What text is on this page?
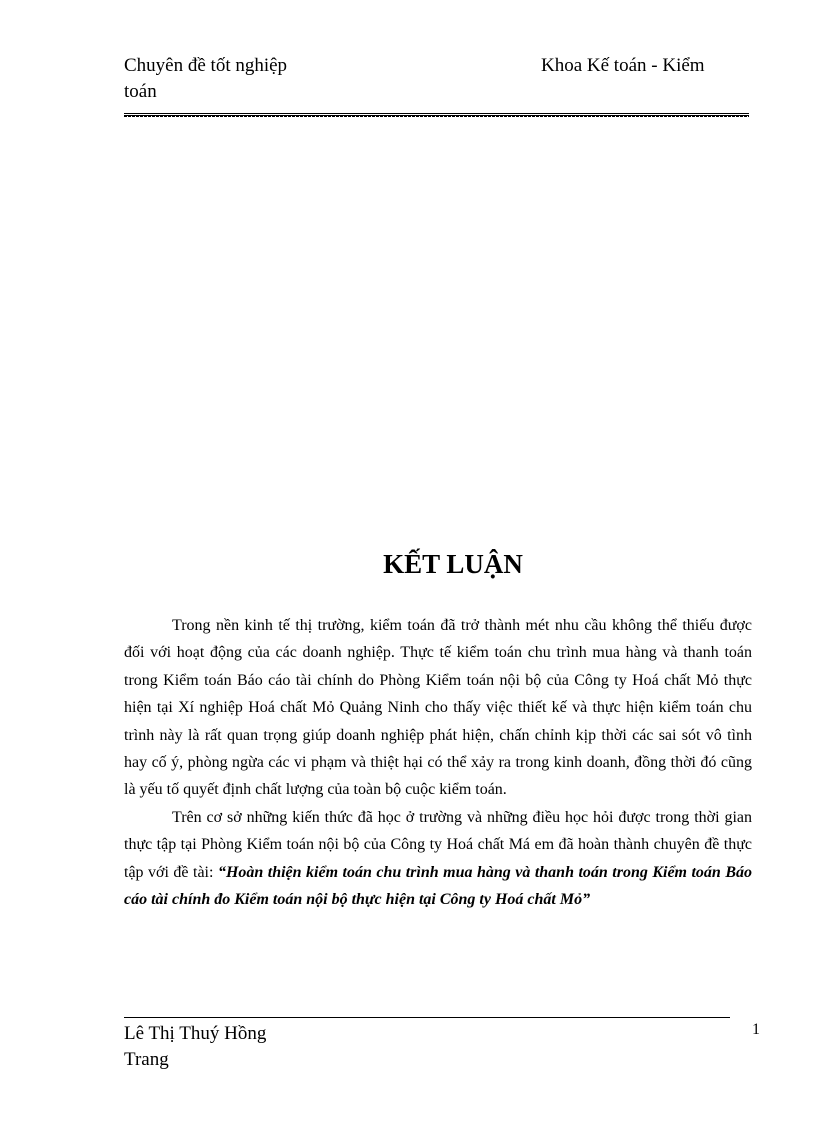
Chuyên đề tốt nghiệp
toán
Khoa Kế toán - Kiểm
KẾT LUẬN

Trong nền kinh tế thị trường, kiểm toán đã trở thành mét nhu cầu không thể thiếu được đối với hoạt động của các doanh nghiệp. Thực tế kiểm toán chu trình mua hàng và thanh toán trong Kiểm toán Báo cáo tài chính do Phòng Kiểm toán nội bộ của Công ty Hoá chất Mỏ thực hiện tại Xí nghiệp Hoá chất Mỏ Quảng Ninh cho thấy việc thiết kế và thực hiện kiểm toán chu trình này là rất quan trọng giúp doanh nghiệp phát hiện, chấn chỉnh kịp thời các sai sót vô tình hay cố ý, phòng ngừa các vi phạm và thiệt hại có thể xảy ra trong kinh doanh, đồng thời đó cũng là yếu tố quyết định chất lượng của toàn bộ cuộc kiểm toán.

Trên cơ sở những kiến thức đã học ở trường và những điều học hỏi được trong thời gian thực tập tại Phòng Kiểm toán nội bộ của Công ty Hoá chất Má em đã hoàn thành chuyên đề thực tập với đề tài: “Hoàn thiện kiểm toán chu trình mua hàng và thanh toán trong Kiểm toán Báo cáo tài chính đo Kiểm toán nội bộ thực hiện tại Công ty Hoá chất Mỏ”

Lê Thị Thuý Hồng
Trang
1
